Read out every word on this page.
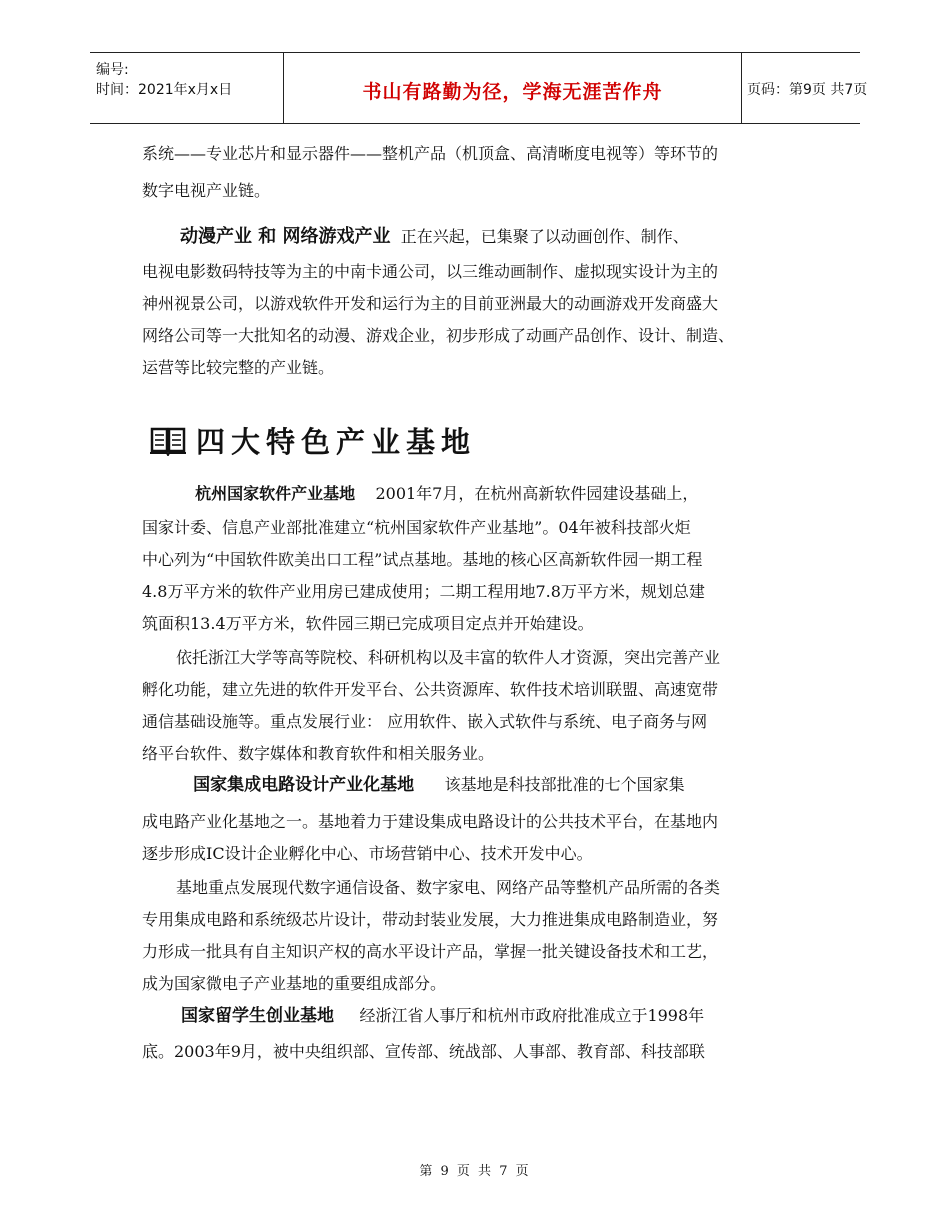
编号:
时间：2021年x月x日	书山有路勤为径，学海无涯苦作舟	页码：第9页 共7页
系统——专业芯片和显示器件——整机产品（机顶盒、高清晰度电视等）等环节的
数字电视产业链。
动漫产业 和 网络游戏产业 正在兴起，已集聚了以动画创作、制作、
电视电影数码特技等为主的中南卡通公司，以三维动画制作、虚拟现实设计为主的
神州视景公司，以游戏软件开发和运行为主的目前亚洲最大的动画游戏开发商盛大
网络公司等一大批知名的动漫、游戏企业，初步形成了动画产品创作、设计、制造、
运营等比较完整的产业链。
四大特色产业基地
杭州国家软件产业基地 2001年7月，在杭州高新软件园建设基础上，
国家计委、信息产业部批准建立“杭州国家软件产业基地”。04年被科技部火炬
中心列为“中国软件欧美出口工程”试点基地。基地的核心区高新软件园一期工程
4.8万平方米的软件产业用房已建成使用；二期工程用地7.8万平方米，规划总建
筑面积13.4万平方米，软件园三期已完成项目定点并开始建设。
依托浙江大学等高等院校、科研机构以及丰富的软件人才资源，突出完善产业
孵化功能，建立先进的软件开发平台、公共资源库、软件技术培训联盟、高速宽带
通信基础设施等。重点发展行业： 应用软件、嵌入式软件与系统、电子商务与网
络平台软件、数字媒体和教育软件和相关服务业。
国家集成电路设计产业化基地 该基地是科技部批准的七个国家集
成电路产业化基地之一。基地着力于建设集成电路设计的公共技术平台，在基地内
逐步形成IC设计企业孵化中心、市场营销中心、技术开发中心。
基地重点发展现代数字通信设备、数字家电、网络产品等整机产品所需的各类
专用集成电路和系统级芯片设计，带动封装业发展，大力推进集成电路制造业，努
力形成一批具有自主知识产权的高水平设计产品，掌握一批关键设备技术和工艺，
成为国家微电子产业基地的重要组成部分。
国家留学生创业基地 经浙江省人事厅和杭州市政府批准成立于1998年
底。2003年9月，被中央组织部、宣传部、统战部、人事部、教育部、科技部联
第 9 页 共 7 页
